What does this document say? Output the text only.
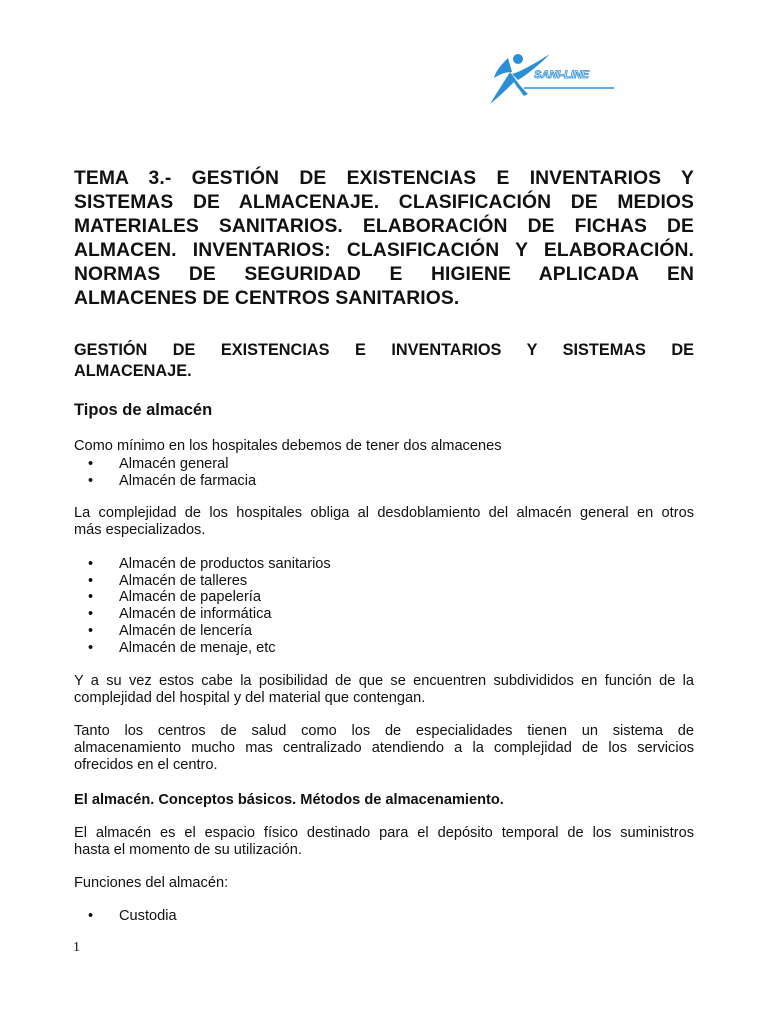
SANI-LINE
TEMA 3.- GESTIÓN DE EXISTENCIAS E INVENTARIOS Y
SISTEMAS DE ALMACENAJE. CLASIFICACIÓN DE MEDIOS
MATERIALES SANITARIOS. ELABORACIÓN DE FICHAS DE
ALMACEN. INVENTARIOS: CLASIFICACIÓN Y ELABORACIÓN.
NORMAS DE SEGURIDAD E HIGIENE APLICADA EN
ALMACENES DE CENTROS SANITARIOS.
GESTIÓN DE EXISTENCIAS E INVENTARIOS Y SISTEMAS DE
ALMACENAJE.
Tipos de almacén

Como mínimo en los hospitales debemos de tener dos almacenes

• Almacén general
• Almacén de farmacia

La complejidad de los hospitales obliga al desdoblamiento del almacén general en otros
más especializados.

• Almacén de productos sanitarios
• Almacén de talleres
• Almacén de papelería
• Almacén de informática
• Almacén de lencería
• Almacén de menaje, etc

Y a su vez estos cabe la posibilidad de que se encuentren subdivididos en función de la
complejidad del hospital y del material que contengan.

Tanto los centros de salud como los de especialidades tienen un sistema de
almacenamiento mucho mas centralizado atendiendo a la complejidad de los servicios
ofrecidos en el centro.

El almacén. Conceptos básicos. Métodos de almacenamiento.

El almacén es el espacio físico destinado para el depósito temporal de los suministros
hasta el momento de su utilización.

Funciones del almacén:

• Custodia
1
